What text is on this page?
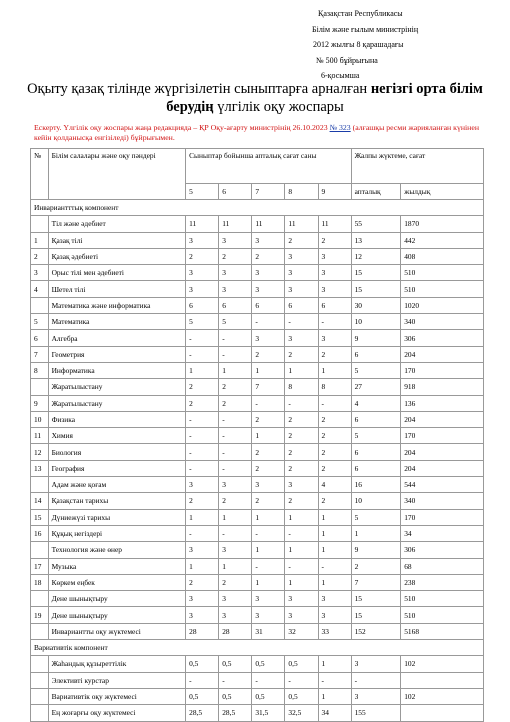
Қазақстан Республикасы
Білім және ғылым министрінің
2012 жылғы 8 қарашадағы
№ 500 бұйрығына
6-қосымша
Оқыту қазақ тілінде жүргізілетін сыныптарға арналған негізгі орта білім берудің үлгілік оқу жоспары
Ескерту. Үлгілік оқу жоспары жаңа редакцияда – ҚР Оқу-ағарту министрінің 26.10.2023 № 323 (алғашқы ресми жарияланған күнінен кейін қолданысқа енгізіледі) бұйрығымен.
№	Білім салалары және оқу пәндері	Сыныптар бойынша апталық сағат саны					Жалпы жүктеме, сағат	
		5	6	7	8	9	апталық	жылдық
Инвариантттық компонент								
	Тіл және әдебиет	11	11	11	11	11	55	1870
1	Қазақ тілі	3	3	3	2	2	13	442
2	Қазақ әдебиеті	2	2	2	3	3	12	408
3	Орыс тілі мен әдебиеті	3	3	3	3	3	15	510
4	Шетел тілі	3	3	3	3	3	15	510
	Математика және информатика	6	6	6	6	6	30	1020
5	Математика	5	5	-	-	-	10	340
6	Алгебра	-	-	3	3	3	9	306
7	Геометрия	-	-	2	2	2	6	204
8	Информатика	1	1	1	1	1	5	170
	Жаратылыстану	2	2	7	8	8	27	918
9	Жаратылыстану	2	2	-	-	-	4	136
10	Физика	-	-	2	2	2	6	204
11	Химия	-	-	1	2	2	5	170
12	Биология	-	-	2	2	2	6	204
13	География	-	-	2	2	2	6	204
	Адам және қоғам	3	3	3	3	4	16	544
14	Қазақстан тарихы	2	2	2	2	2	10	340
15	Дүниежүзі тарихы	1	1	1	1	1	5	170
16	Құқық негіздері	-	-	-	-	1	1	34
	Технология және өнер	3	3	1	1	1	9	306
17	Музыка	1	1	-	-	-	2	68
18	Көркем еңбек	2	2	1	1	1	7	238
	Дене шынықтыру	3	3	3	3	3	15	510
19	Дене шынықтыру	3	3	3	3	3	15	510
	Инвариантты оқу жүктемесі	28	28	31	32	33	152	5168
Вариативтік компонент								
	Жаһандық құзыреттілік	0,5	0,5	0,5	0,5	1	3	102
	Элективті курстар	-	-	-	-	-	-	
	Вариативтік оқу жүктемесі	0,5	0,5	0,5	0,5	1	3	102
	Ең жоғарғы оқу жүктемесі	28,5	28,5	31,5	32,5	34	155	
